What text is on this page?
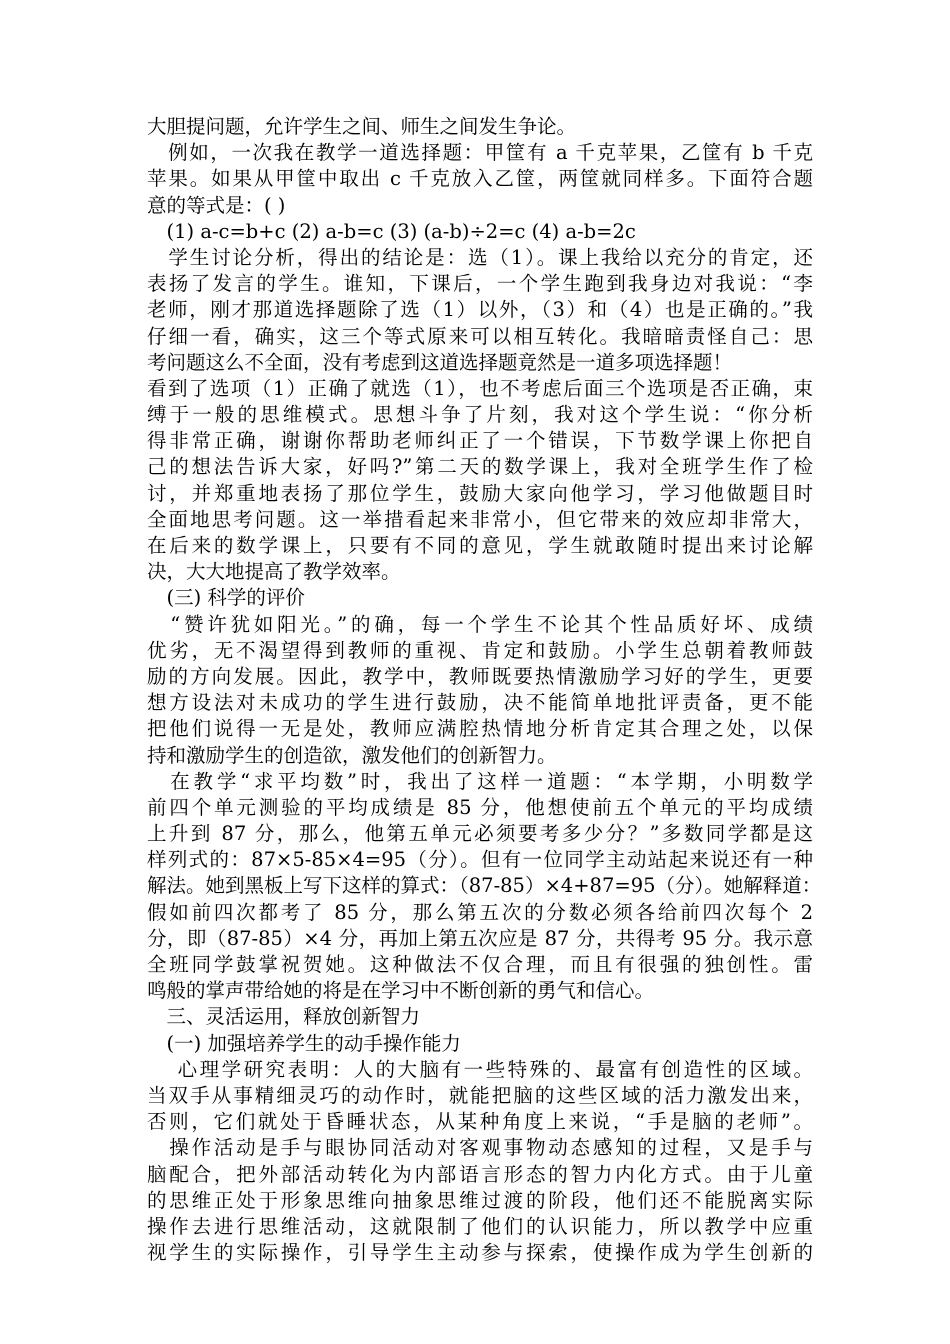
大胆提问题，允许学生之间、师生之间发生争论。
　例如，一次我在教学一道选择题：甲筐有 a 千克苹果，乙筐有 b 千克
苹果。如果从甲筐中取出 c 千克放入乙筐，两筐就同样多。下面符合题
意的等式是：( )
　(1) a-c=b+c (2) a-b=c (3) (a-b)÷2=c (4) a-b=2c
　学生讨论分析，得出的结论是：选（1）。课上我给以充分的肯定，还
表扬了发言的学生。谁知，下课后，一个学生跑到我身边对我说：“李
老师，刚才那道选择题除了选（1）以外，（3）和（4）也是正确的。”我
仔细一看，确实，这三个等式原来可以相互转化。我暗暗责怪自己：思
考问题这么不全面，没有考虑到这道选择题竟然是一道多项选择题！
看到了选项（1）正确了就选（1），也不考虑后面三个选项是否正确，束
缚于一般的思维模式。思想斗争了片刻，我对这个学生说：“你分析
得非常正确，谢谢你帮助老师纠正了一个错误，下节数学课上你把自
己的想法告诉大家，好吗?”第二天的数学课上，我对全班学生作了检
讨，并郑重地表扬了那位学生，鼓励大家向他学习，学习他做题目时
全面地思考问题。这一举措看起来非常小，但它带来的效应却非常大，
在后来的数学课上，只要有不同的意见，学生就敢随时提出来讨论解
决，大大地提高了教学效率。
　(三) 科学的评价
　“赞许犹如阳光。”的确，每一个学生不论其个性品质好坏、成绩
优劣，无不渴望得到教师的重视、肯定和鼓励。小学生总朝着教师鼓
励的方向发展。因此，教学中，教师既要热情激励学习好的学生，更要
想方设法对未成功的学生进行鼓励，决不能简单地批评责备，更不能
把他们说得一无是处，教师应满腔热情地分析肯定其合理之处，以保
持和激励学生的创造欲，激发他们的创新智力。
　在教学“求平均数”时，我出了这样一道题：“本学期，小明数学
前四个单元测验的平均成绩是 85 分，他想使前五个单元的平均成绩
上升到 87 分，那么，他第五单元必须要考多少分？”多数同学都是这
样列式的：87×5-85×4=95（分）。但有一位同学主动站起来说还有一种
解法。她到黑板上写下这样的算式：（87-85）×4+87=95（分）。她解释道：
假如前四次都考了 85 分，那么第五次的分数必须各给前四次每个 2
分，即（87-85）×4 分，再加上第五次应是 87 分，共得考 95 分。我示意
全班同学鼓掌祝贺她。这种做法不仅合理，而且有很强的独创性。雷
鸣般的掌声带给她的将是在学习中不断创新的勇气和信心。
　三、灵活运用，释放创新智力
　(一) 加强培养学生的动手操作能力
　 心理学研究表明：人的大脑有一些特殊的、最富有创造性的区域。
当双手从事精细灵巧的动作时，就能把脑的这些区域的活力激发出来，
否则，它们就处于昏睡状态，从某种角度上来说，“手是脑的老师”。
　操作活动是手与眼协同活动对客观事物动态感知的过程，又是手与
脑配合，把外部活动转化为内部语言形态的智力内化方式。由于儿童
的思维正处于形象思维向抽象思维过渡的阶段，他们还不能脱离实际
操作去进行思维活动，这就限制了他们的认识能力，所以教学中应重
视学生的实际操作，引导学生主动参与探索，使操作成为学生创新的
